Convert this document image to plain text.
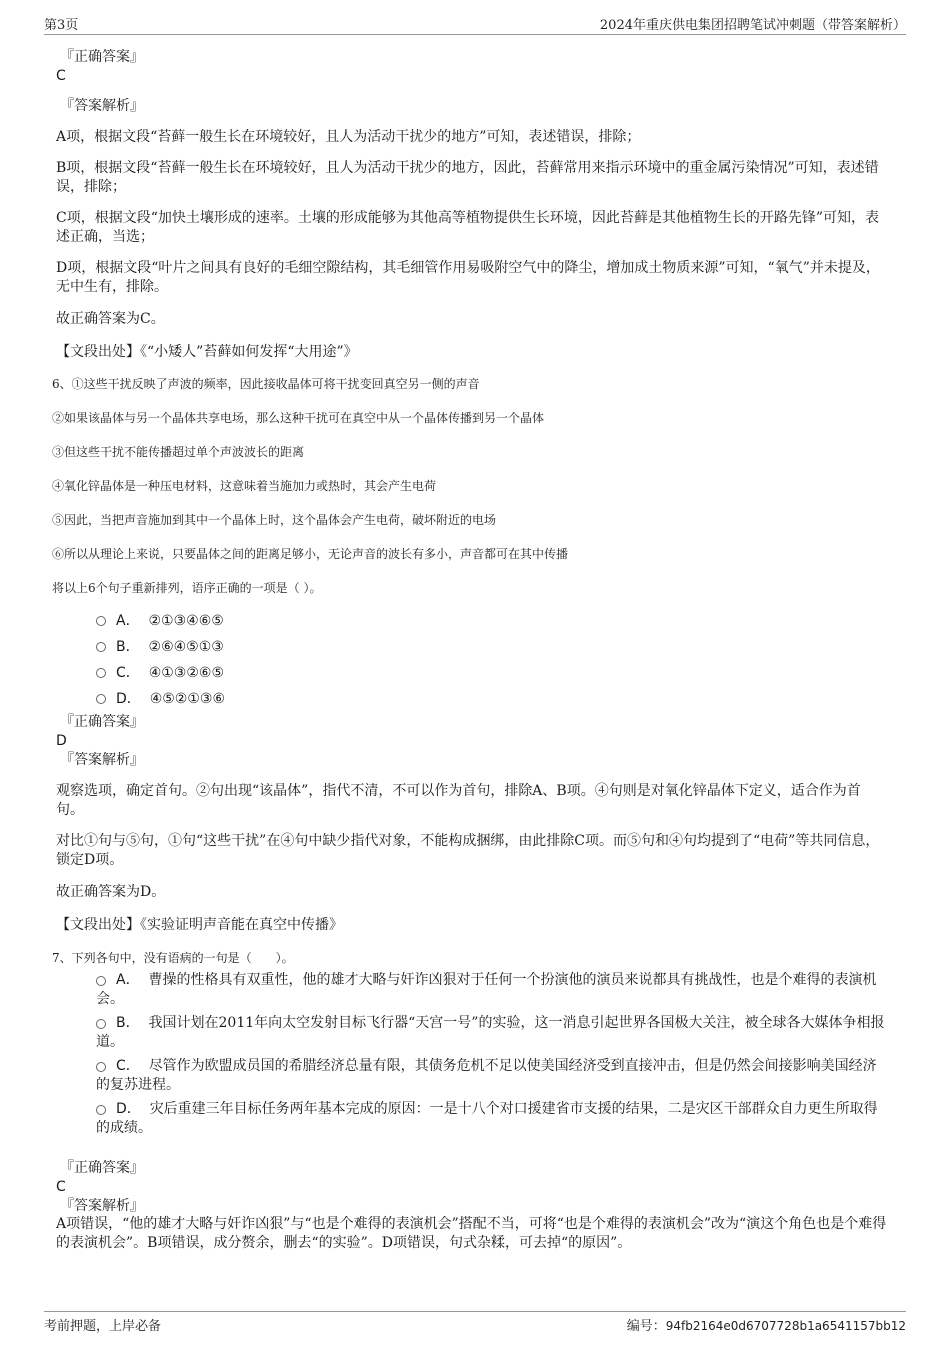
第3页	2024年重庆供电集团招聘笔试冲刺题（带答案解析）
『正确答案』
C
『答案解析』
A项，根据文段“苔藓一般生长在环境较好，且人为活动干扰少的地方”可知，表述错误，排除；
B项，根据文段“苔藓一般生长在环境较好，且人为活动干扰少的地方，因此，苔藓常用来指示环境中的重金属污染情况”可知，表述错误，排除；
C项，根据文段“加快土壤形成的速率。土壤的形成能够为其他高等植物提供生长环境，因此苔藓是其他植物生长的开路先锋”可知，表述正确，当选；
D项，根据文段“叶片之间具有良好的毛细空隙结构，其毛细管作用易吸附空气中的降尘，增加成土物质来源”可知，“氧气”并未提及，无中生有，排除。
故正确答案为C。
【文段出处】《“小矮人”苔藓如何发挥“大用途”》
6、①这些干扰反映了声波的频率，因此接收晶体可将干扰变回真空另一侧的声音
②如果该晶体与另一个晶体共享电场，那么这种干扰可在真空中从一个晶体传播到另一个晶体
③但这些干扰不能传播超过单个声波波长的距离
④氧化锌晶体是一种压电材料，这意味着当施加力或热时，其会产生电荷
⑤因此，当把声音施加到其中一个晶体上时，这个晶体会产生电荷，破坏附近的电场
⑥所以从理论上来说，只要晶体之间的距离足够小，无论声音的波长有多小，声音都可在其中传播
将以上6个句子重新排列，语序正确的一项是（ ）。
A． ②①③④⑥⑤
B． ②⑥④⑤①③
C． ④①③②⑥⑤
D． ④⑤②①③⑥
『正确答案』
D
『答案解析』
观察选项，确定首句。②句出现“该晶体”，指代不清，不可以作为首句，排除A、B项。④句则是对氧化锌晶体下定义，适合作为首句。
对比①句与⑤句，①句“这些干扰”在④句中缺少指代对象，不能构成捆绑，由此排除C项。而⑤句和④句均提到了“电荷”等共同信息，锁定D项。
故正确答案为D。
【文段出处】《实验证明声音能在真空中传播》
7、下列各句中，没有语病的一句是（　　）。
A． 曹操的性格具有双重性，他的雄才大略与奸诈凶狠对于任何一个扮演他的演员来说都具有挑战性，也是个难得的表演机会。
B． 我国计划在2011年向太空发射目标飞行器“天宫一号”的实验，这一消息引起世界各国极大关注，被全球各大媒体争相报道。
C． 尽管作为欧盟成员国的希腊经济总量有限，其债务危机不足以使美国经济受到直接冲击，但是仍然会间接影响美国经济的复苏进程。
D． 灾后重建三年目标任务两年基本完成的原因：一是十八个对口援建省市支援的结果，二是灾区干部群众自力更生所取得的成绩。
『正确答案』
C
『答案解析』
A项错误，“他的雄才大略与奸诈凶狠”与“也是个难得的表演机会”搭配不当，可将“也是个难得的表演机会”改为“演这个角色也是个难得的表演机会”。B项错误，成分赘余，删去“的实验”。D项错误，句式杂糅，可去掉“的原因”。
考前押题，上岸必备	编号：94fb2164e0d6707728b1a6541157bb12
